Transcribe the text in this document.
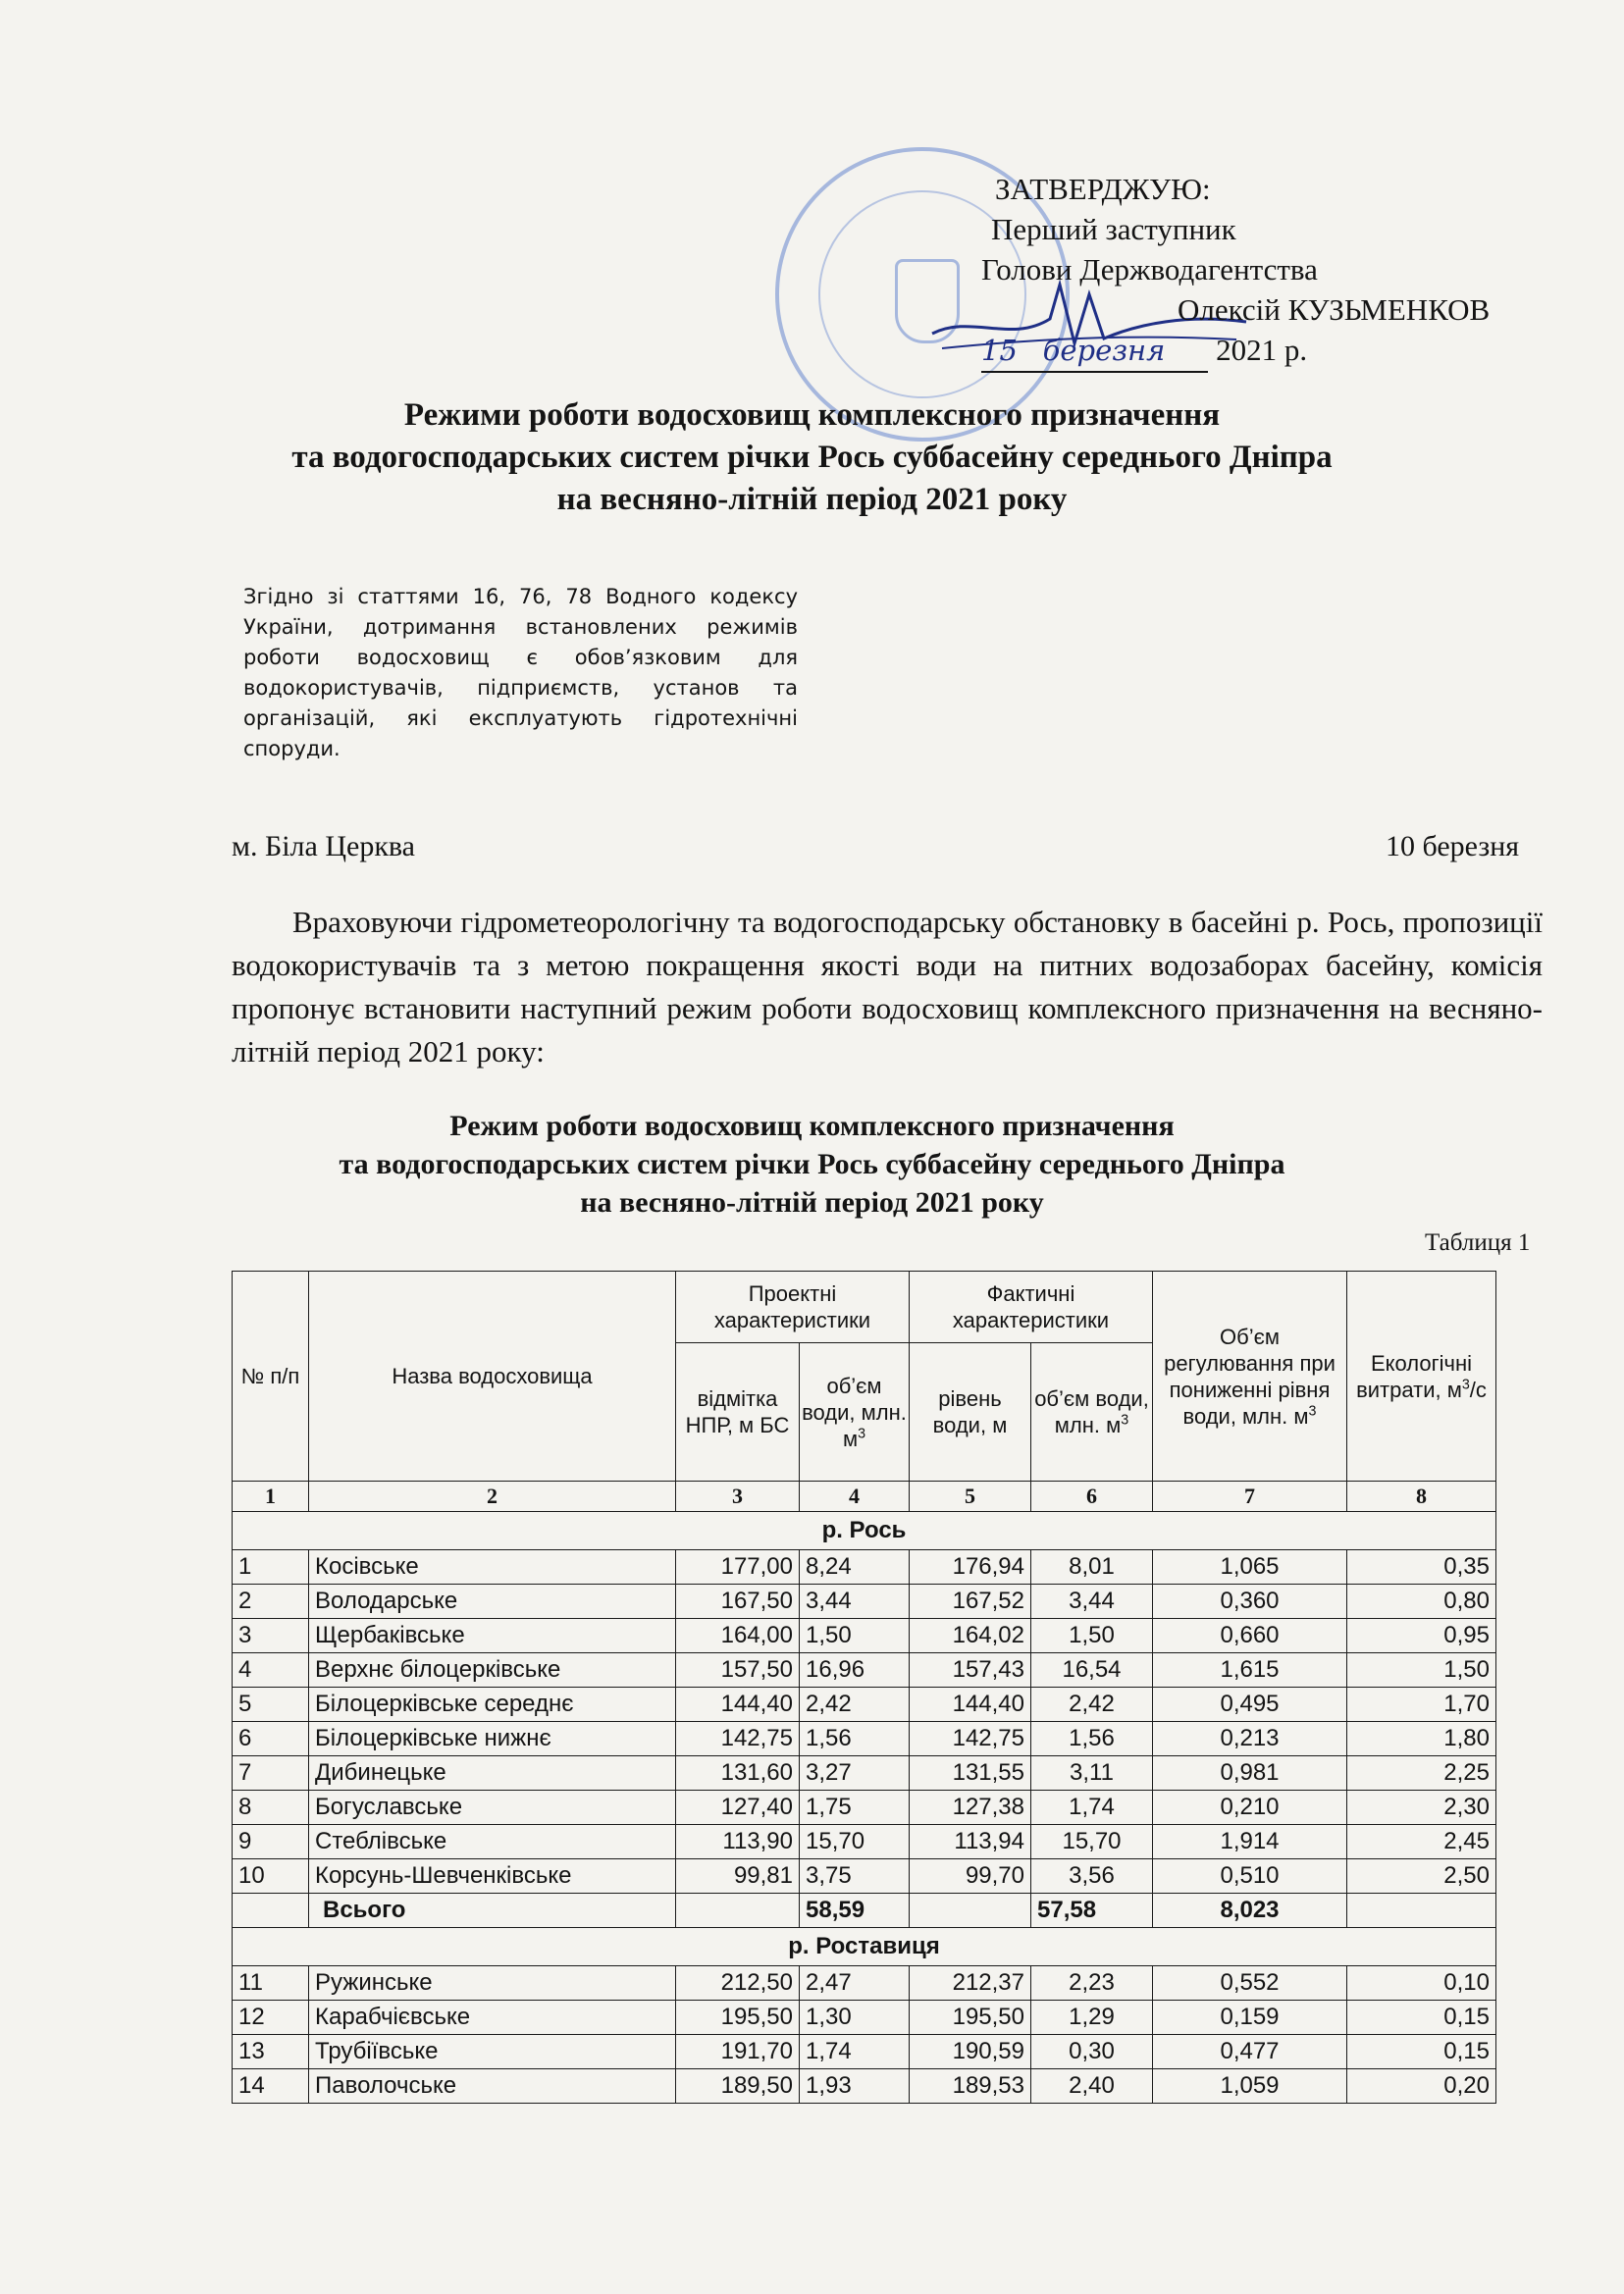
ЗАТВЕРДЖУЮ:
Перший заступник
Голови Держводагентства
Олексій КУЗЬМЕНКОВ
15 березня 2021 р.
Режими роботи водосховищ комплексного призначення
та водогосподарських систем річки Рось суббасейну середнього Дніпра
на весняно-літній період 2021 року
Згідно зі статтями 16, 76, 78 Водного кодексу України, дотримання встановлених режимів роботи водосховищ є обов’язковим для водокористувачів, підприємств, установ та організацій, які експлуатують гідротехнічні споруди.
м. Біла Церква	10 березня
Враховуючи гідрометеорологічну та водогосподарську обстановку в басейні р. Рось, пропозиції водокористувачів та з метою покращення якості води на питних водозаборах басейну, комісія пропонує встановити наступний режим роботи водосховищ комплексного призначення на весняно-літній період 2021 року:
Режим роботи водосховищ комплексного призначення
та водогосподарських систем річки Рось суббасейну середнього Дніпра
на весняно-літній період 2021 року
Таблиця 1
№ п/п	Назва водосховища	Проектні характеристики		Фактичні характеристики		Об’єм регулювання при пониженні рівня води, млн. $м^3$	Екологічні витрати, $м^3/с$
		відмітка НПР, м БС	об’єм води, млн. $м^3$	рівень води, м	об’єм води, млн. $м^3$
1	2	3	4	5	6	7	8
р. Рось							
1	Косівське	177,00	8,24	176,94	8,01	1,065	0,35
2	Володарське	167,50	3,44	167,52	3,44	0,360	0,80
3	Щербаківське	164,00	1,50	164,02	1,50	0,660	0,95
4	Верхнє білоцерківське	157,50	16,96	157,43	16,54	1,615	1,50
5	Білоцерківське середнє	144,40	2,42	144,40	2,42	0,495	1,70
6	Білоцерківське нижнє	142,75	1,56	142,75	1,56	0,213	1,80
7	Дибинецьке	131,60	3,27	131,55	3,11	0,981	2,25
8	Богуславське	127,40	1,75	127,38	1,74	0,210	2,30
9	Стеблівське	113,90	15,70	113,94	15,70	1,914	2,45
10	Корсунь-Шевченківське	99,81	3,75	99,70	3,56	0,510	2,50
	Всього		58,59		57,58	8,023	
р. Роставиця							
11	Ружинське	212,50	2,47	212,37	2,23	0,552	0,10
12	Карабчієвське	195,50	1,30	195,50	1,29	0,159	0,15
13	Трубіївське	191,70	1,74	190,59	0,30	0,477	0,15
14	Паволочське	189,50	1,93	189,53	2,40	1,059	0,20
